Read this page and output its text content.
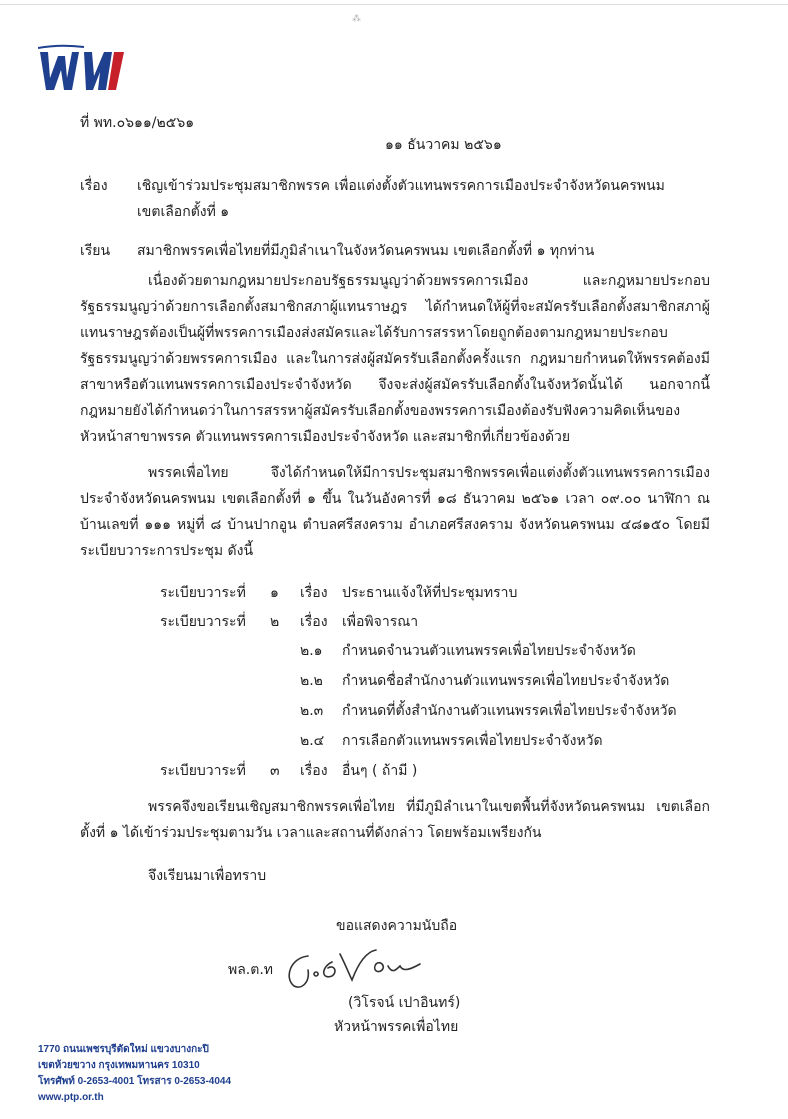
⁂
ที่ พท.๐๖๑๑/๒๕๖๑
๑๑ ธันวาคม ๒๕๖๑
เรื่อง เชิญเข้าร่วมประชุมสมาชิกพรรค เพื่อแต่งตั้งตัวแทนพรรคการเมืองประจำจังหวัดนครพนม
เขตเลือกตั้งที่ ๑
เรียน สมาชิกพรรคเพื่อไทยที่มีภูมิลำเนาในจังหวัดนครพนม เขตเลือกตั้งที่ ๑ ทุกท่าน

เนื่องด้วยตามกฎหมายประกอบรัฐธรรมนูญว่าด้วยพรรคการเมือง และกฎหมายประกอบรัฐธรรมนูญว่าด้วยการเลือกตั้งสมาชิกสภาผู้แทนราษฎร ได้กำหนดให้ผู้ที่จะสมัครรับเลือกตั้งสมาชิกสภาผู้แทนราษฎรต้องเป็นผู้ที่พรรคการเมืองส่งสมัครและได้รับการสรรหาโดยถูกต้องตามกฎหมายประกอบรัฐธรรมนูญว่าด้วยพรรคการเมือง และในการส่งผู้สมัครรับเลือกตั้งครั้งแรก กฎหมายกำหนดให้พรรคต้องมีสาขาหรือตัวแทนพรรคการเมืองประจำจังหวัด จึงจะส่งผู้สมัครรับเลือกตั้งในจังหวัดนั้นได้ นอกจากนี้กฎหมายยังได้กำหนดว่าในการสรรหาผู้สมัครรับเลือกตั้งของพรรคการเมืองต้องรับฟังความคิดเห็นของหัวหน้าสาขาพรรค ตัวแทนพรรคการเมืองประจำจังหวัด และสมาชิกที่เกี่ยวข้องด้วย

พรรคเพื่อไทย จึงได้กำหนดให้มีการประชุมสมาชิกพรรคเพื่อแต่งตั้งตัวแทนพรรคการเมืองประจำจังหวัดนครพนม เขตเลือกตั้งที่ ๑ ขึ้น ในวันอังคารที่ ๑๘ ธันวาคม ๒๕๖๑ เวลา ๐๙.๐๐ นาฬิกา ณ บ้านเลขที่ ๑๑๑ หมู่ที่ ๘ บ้านปากอูน ตำบลศรีสงคราม อำเภอศรีสงคราม จังหวัดนครพนม ๔๘๑๕๐ โดยมีระเบียบวาระการประชุม ดังนี้

ระเบียบวาระที่ ๑ เรื่อง ประธานแจ้งให้ที่ประชุมทราบ
ระเบียบวาระที่ ๒ เรื่อง เพื่อพิจารณา
๒.๑ กำหนดจำนวนตัวแทนพรรคเพื่อไทยประจำจังหวัด
๒.๒ กำหนดชื่อสำนักงานตัวแทนพรรคเพื่อไทยประจำจังหวัด
๒.๓ กำหนดที่ตั้งสำนักงานตัวแทนพรรคเพื่อไทยประจำจังหวัด
๒.๔ การเลือกตัวแทนพรรคเพื่อไทยประจำจังหวัด
ระเบียบวาระที่ ๓ เรื่อง อื่นๆ ( ถ้ามี )

พรรคจึงขอเรียนเชิญสมาชิกพรรคเพื่อไทย ที่มีภูมิลำเนาในเขตพื้นที่จังหวัดนครพนม เขตเลือกตั้งที่ ๑ ได้เข้าร่วมประชุมตามวัน เวลาและสถานที่ดังกล่าว โดยพร้อมเพรียงกัน

จึงเรียนมาเพื่อทราบ
ขอแสดงความนับถือ
พล.ต.ท
(วิโรจน์ เปาอินทร์)
หัวหน้าพรรคเพื่อไทย
1770 ถนนเพชรบุรีตัดใหม่ แขวงบางกะปิ
เขตห้วยขวาง กรุงเทพมหานคร 10310
โทรศัพท์ 0-2653-4001 โทรสาร 0-2653-4044
www.ptp.or.th
